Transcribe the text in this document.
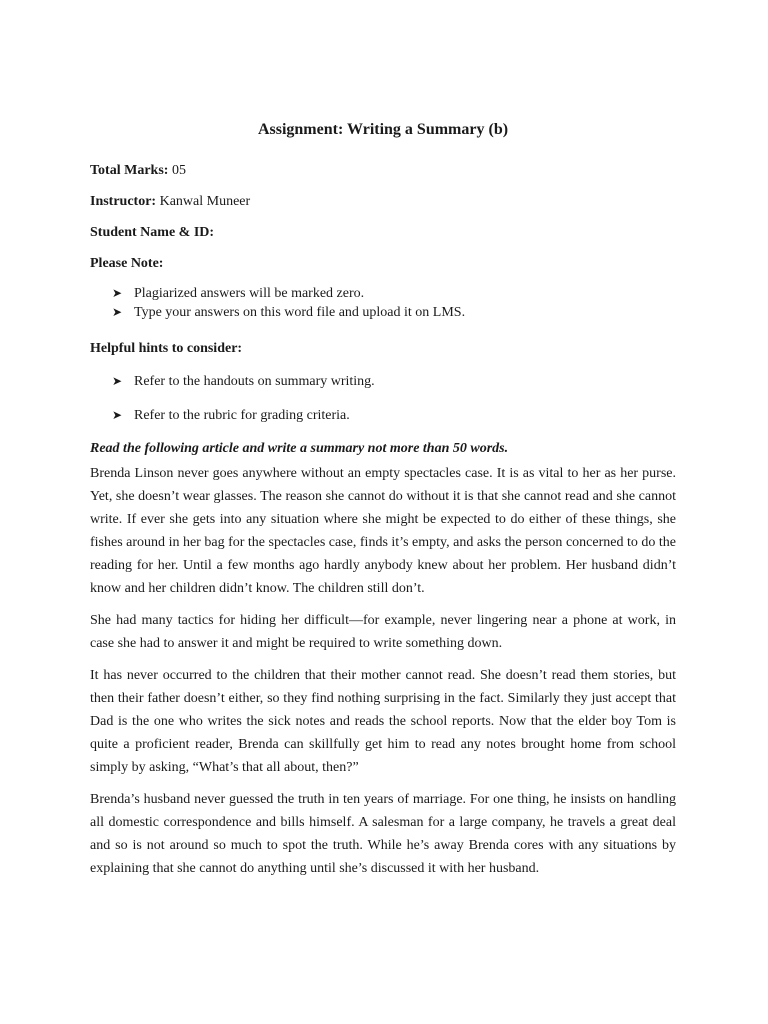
Assignment: Writing a Summary (b)
Total Marks: 05
Instructor: Kanwal Muneer
Student Name & ID:
Please Note:
➤ Plagiarized answers will be marked zero.
➤ Type your answers on this word file and upload it on LMS.
Helpful hints to consider:
➤ Refer to the handouts on summary writing.
➤ Refer to the rubric for grading criteria.
Read the following article and write a summary not more than 50 words.

Brenda Linson never goes anywhere without an empty spectacles case. It is as vital to her as her purse. Yet, she doesn’t wear glasses. The reason she cannot do without it is that she cannot read and she cannot write. If ever she gets into any situation where she might be expected to do either of these things, she fishes around in her bag for the spectacles case, finds it’s empty, and asks the person concerned to do the reading for her. Until a few months ago hardly anybody knew about her problem. Her husband didn’t know and her children didn’t know. The children still don’t.

She had many tactics for hiding her difficult—for example, never lingering near a phone at work, in case she had to answer it and might be required to write something down.

It has never occurred to the children that their mother cannot read. She doesn’t read them stories, but then their father doesn’t either, so they find nothing surprising in the fact. Similarly they just accept that Dad is the one who writes the sick notes and reads the school reports. Now that the elder boy Tom is quite a proficient reader, Brenda can skillfully get him to read any notes brought home from school simply by asking, “What’s that all about, then?”

Brenda’s husband never guessed the truth in ten years of marriage. For one thing, he insists on handling all domestic correspondence and bills himself. A salesman for a large company, he travels a great deal and so is not around so much to spot the truth. While he’s away Brenda cores with any situations by explaining that she cannot do anything until she’s discussed it with her husband.
